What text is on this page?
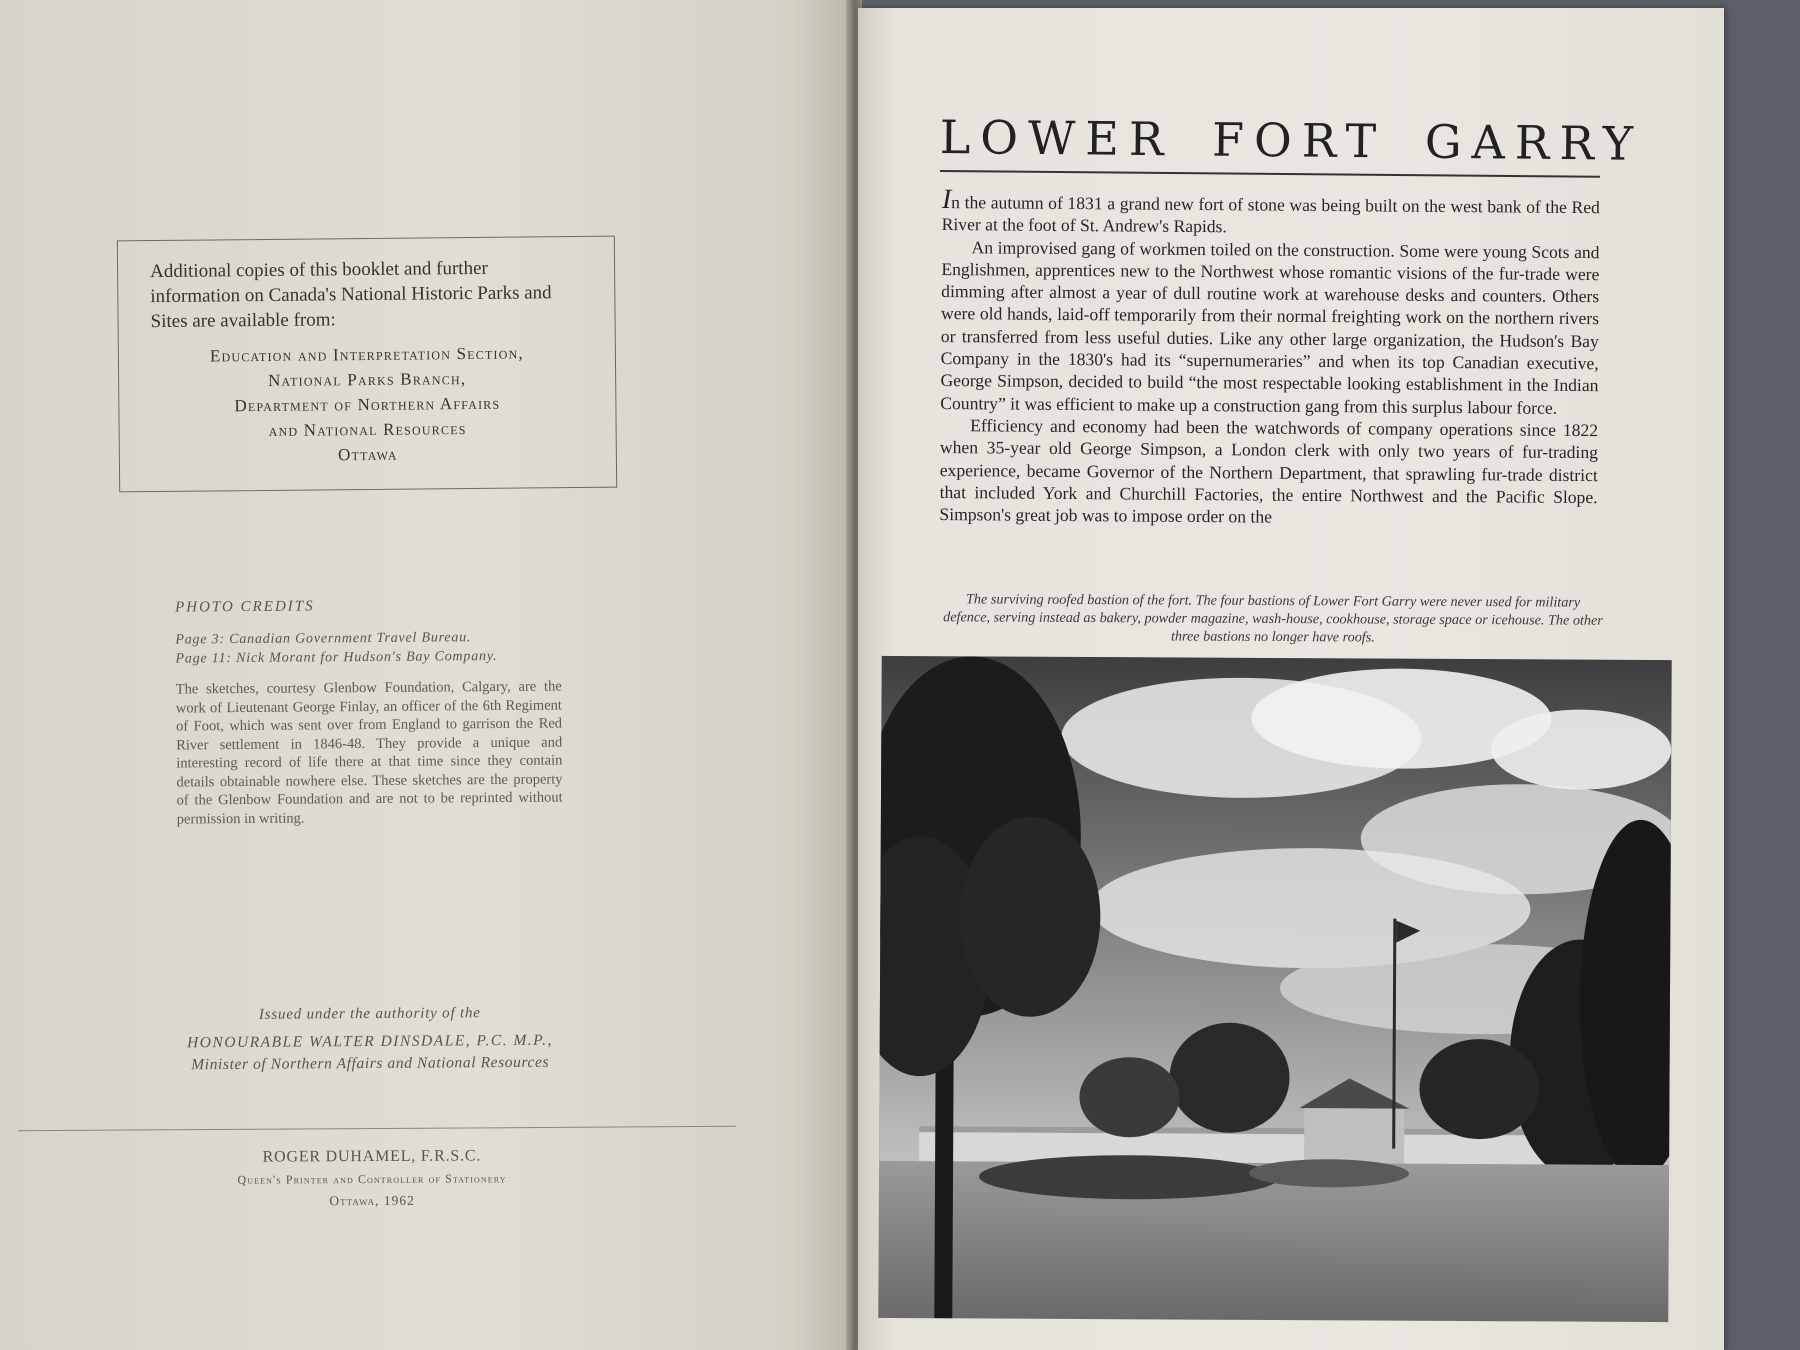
Additional copies of this booklet and further information on Canada's National Historic Parks and Sites are available from:

Education and Interpretation Section,
National Parks Branch,
Department of Northern Affairs
and National Resources
Ottawa

PHOTO CREDITS

Page 3: Canadian Government Travel Bureau.
Page 11: Nick Morant for Hudson's Bay Company.

The sketches, courtesy Glenbow Foundation, Calgary, are the work of Lieutenant George Finlay, an officer of the 6th Regiment of Foot, which was sent over from England to garrison the Red River settlement in 1846-48. They provide a unique and interesting record of life there at that time since they contain details obtainable nowhere else. These sketches are the property of the Glenbow Foundation and are not to be reprinted without permission in writing.

Issued under the authority of the
HONOURABLE WALTER DINSDALE, P.C. M.P.,
Minister of Northern Affairs and National Resources
ROGER DUHAMEL, F.R.S.C.
Queen's Printer and Controller of Stationery
Ottawa, 1962
LOWER FORT GARRY

In the autumn of 1831 a grand new fort of stone was being built on the west bank of the Red River at the foot of St. Andrew's Rapids.

An improvised gang of workmen toiled on the construction. Some were young Scots and Englishmen, apprentices new to the Northwest whose romantic visions of the fur-trade were dimming after almost a year of dull routine work at warehouse desks and counters. Others were old hands, laid-off temporarily from their normal freighting work on the northern rivers or transferred from less useful duties. Like any other large organization, the Hudson's Bay Company in the 1830's had its “supernumeraries” and when its top Canadian executive, George Simpson, decided to build “the most respectable looking establishment in the Indian Country” it was efficient to make up a construction gang from this surplus labour force.

Efficiency and economy had been the watchwords of company operations since 1822 when 35-year old George Simpson, a London clerk with only two years of fur-trading experience, became Governor of the Northern Department, that sprawling fur-trade district that included York and Churchill Factories, the entire Northwest and the Pacific Slope. Simpson's great job was to impose order on the

The surviving roofed bastion of the fort. The four bastions of Lower Fort Garry were never used for military defence, serving instead as bakery, powder magazine, wash-house, cookhouse, storage space or icehouse. The other three bastions no longer have roofs.
